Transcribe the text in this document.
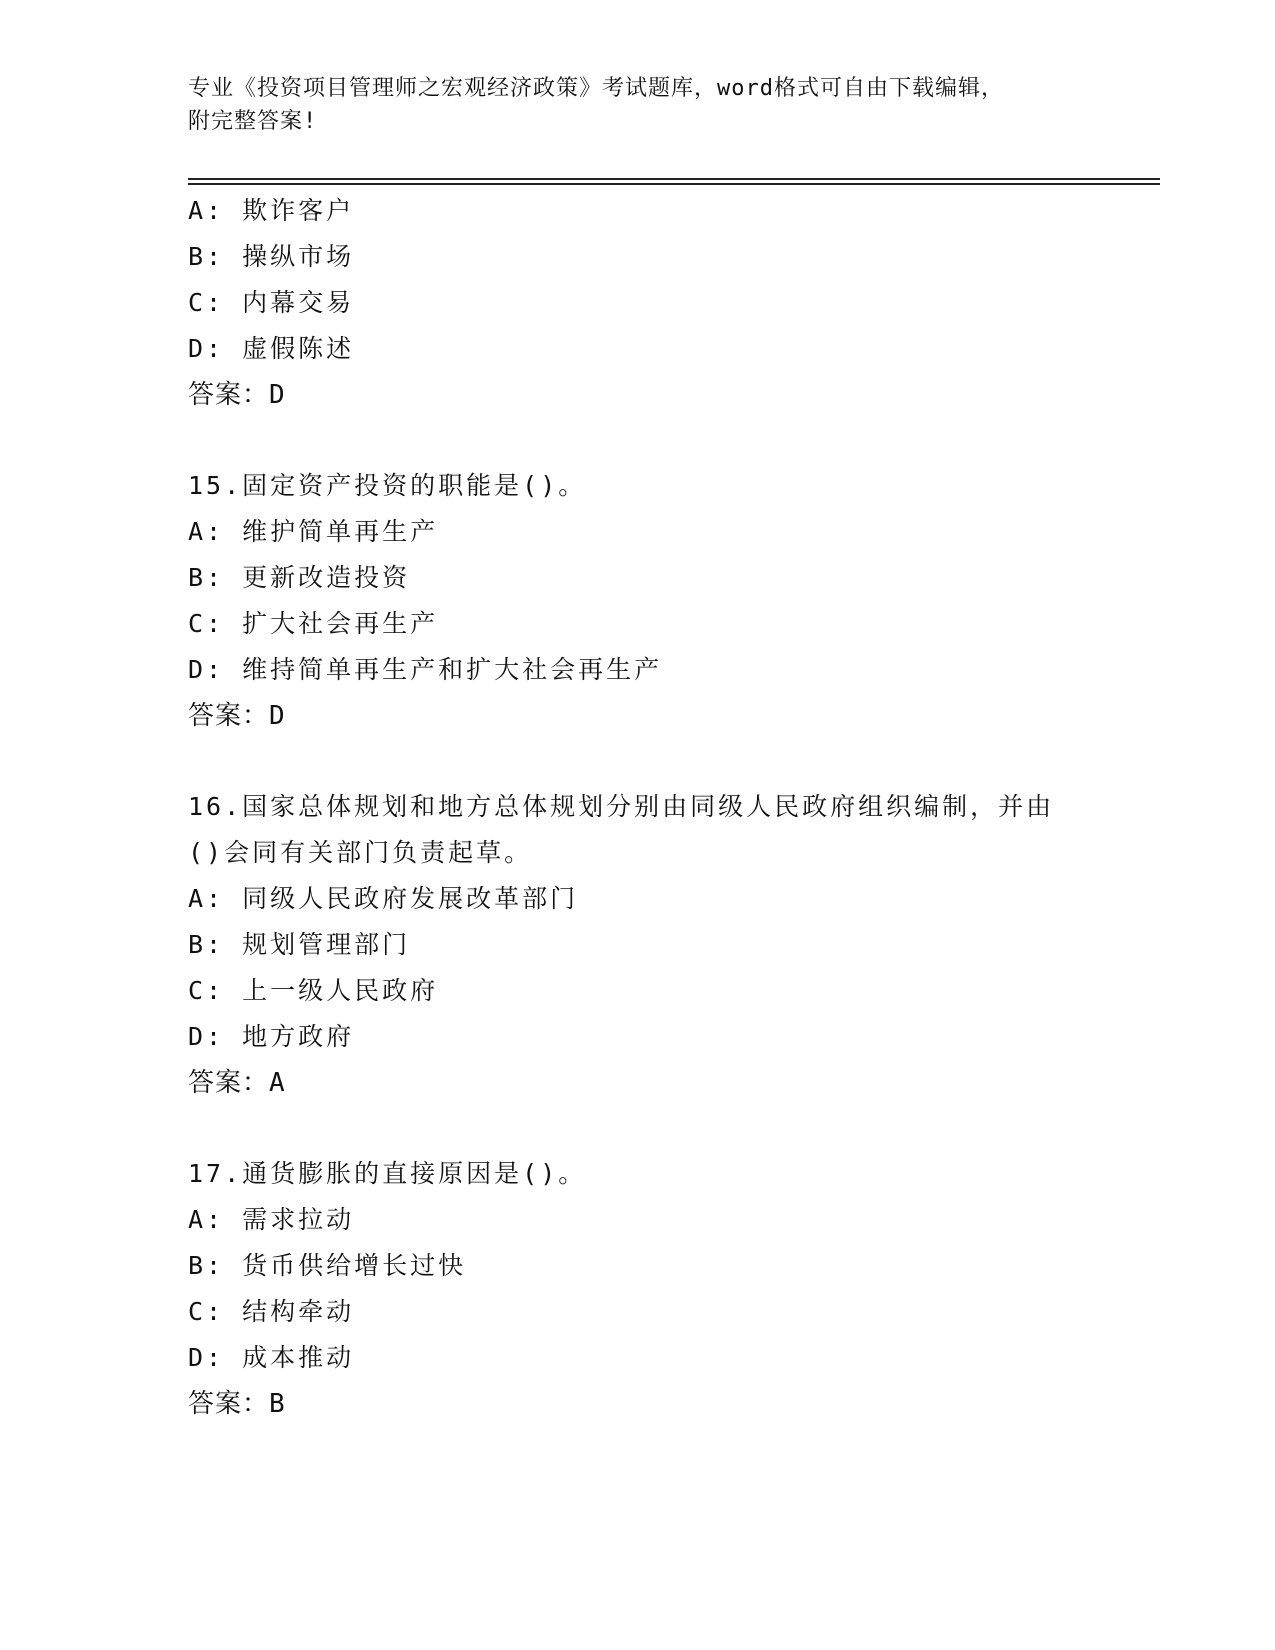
专业《投资项目管理师之宏观经济政策》考试题库，word格式可自由下载编辑，
附完整答案!
A: 欺诈客户
B: 操纵市场
C: 内幕交易
D: 虚假陈述
答案：D
15.固定资产投资的职能是()。
A: 维护简单再生产
B: 更新改造投资
C: 扩大社会再生产
D: 维持简单再生产和扩大社会再生产
答案：D
16.国家总体规划和地方总体规划分别由同级人民政府组织编制，并由
()会同有关部门负责起草。
A: 同级人民政府发展改革部门
B: 规划管理部门
C: 上一级人民政府
D: 地方政府
答案：A
17.通货膨胀的直接原因是()。
A: 需求拉动
B: 货币供给增长过快
C: 结构牵动
D: 成本推动
答案：B
